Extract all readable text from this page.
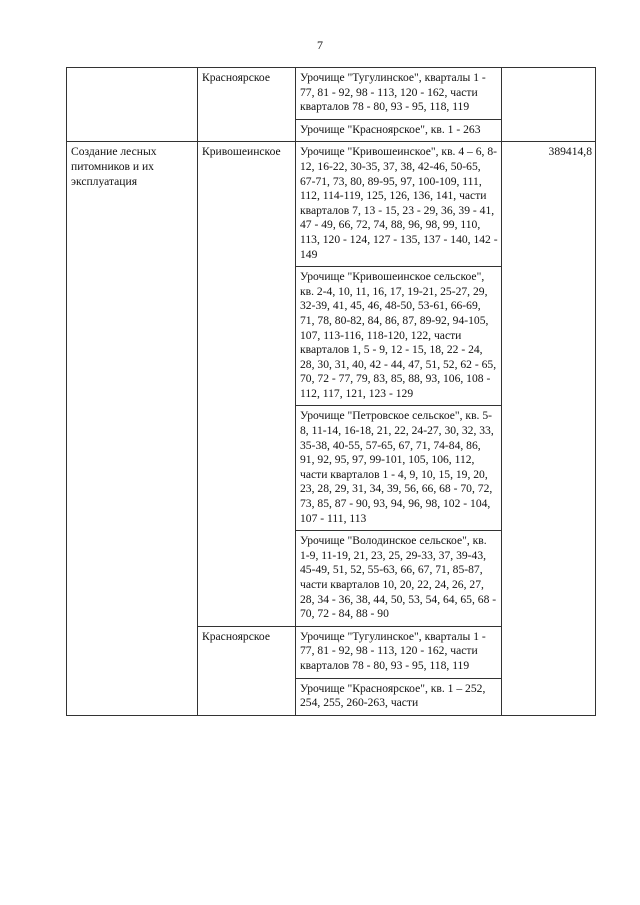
7
	Красноярское	Урочище "Тугулинское", кварталы 1 - 77, 81 - 92, 98 - 113, 120 - 162, части кварталов 78 - 80, 93 - 95, 118, 119	
		Урочище "Красноярское", кв. 1 - 263	
Создание лесных питомников и их эксплуатация	Кривошеинское	Урочище "Кривошеинское", кв. 4 – 6, 8-12, 16-22, 30-35, 37, 38, 42-46, 50-65, 67-71, 73, 80, 89-95, 97, 100-109, 111, 112, 114-119, 125, 126, 136, 141, части кварталов 7, 13 - 15, 23 - 29, 36, 39 - 41, 47 - 49, 66, 72, 74, 88, 96, 98, 99, 110, 113, 120 - 124, 127 - 135, 137 - 140, 142 - 149	389414,8
		Урочище "Кривошеинское сельское", кв. 2-4, 10, 11, 16, 17, 19-21, 25-27, 29, 32-39, 41, 45, 46, 48-50, 53-61, 66-69, 71, 78, 80-82, 84, 86, 87, 89-92, 94-105, 107, 113-116, 118-120, 122, части кварталов 1, 5 - 9, 12 - 15, 18, 22 - 24, 28, 30, 31, 40, 42 - 44, 47, 51, 52, 62 - 65, 70, 72 - 77, 79, 83, 85, 88, 93, 106, 108 - 112, 117, 121, 123 - 129	
		Урочище "Петровское сельское", кв. 5-8, 11-14, 16-18, 21, 22, 24-27, 30, 32, 33, 35-38, 40-55, 57-65, 67, 71, 74-84, 86, 91, 92, 95, 97, 99-101, 105, 106, 112, части кварталов 1 - 4, 9, 10, 15, 19, 20, 23, 28, 29, 31, 34, 39, 56, 66, 68 - 70, 72, 73, 85, 87 - 90, 93, 94, 96, 98, 102 - 104, 107 - 111, 113	
		Урочище "Володинское сельское", кв. 1-9, 11-19, 21, 23, 25, 29-33, 37, 39-43, 45-49, 51, 52, 55-63, 66, 67, 71, 85-87, части кварталов 10, 20, 22, 24, 26, 27, 28, 34 - 36, 38, 44, 50, 53, 54, 64, 65, 68 - 70, 72 - 84, 88 - 90	
	Красноярское	Урочище "Тугулинское", кварталы 1 - 77, 81 - 92, 98 - 113, 120 - 162, части кварталов 78 - 80, 93 - 95, 118, 119	
		Урочище "Красноярское", кв. 1 – 252, 254, 255, 260-263, части	
